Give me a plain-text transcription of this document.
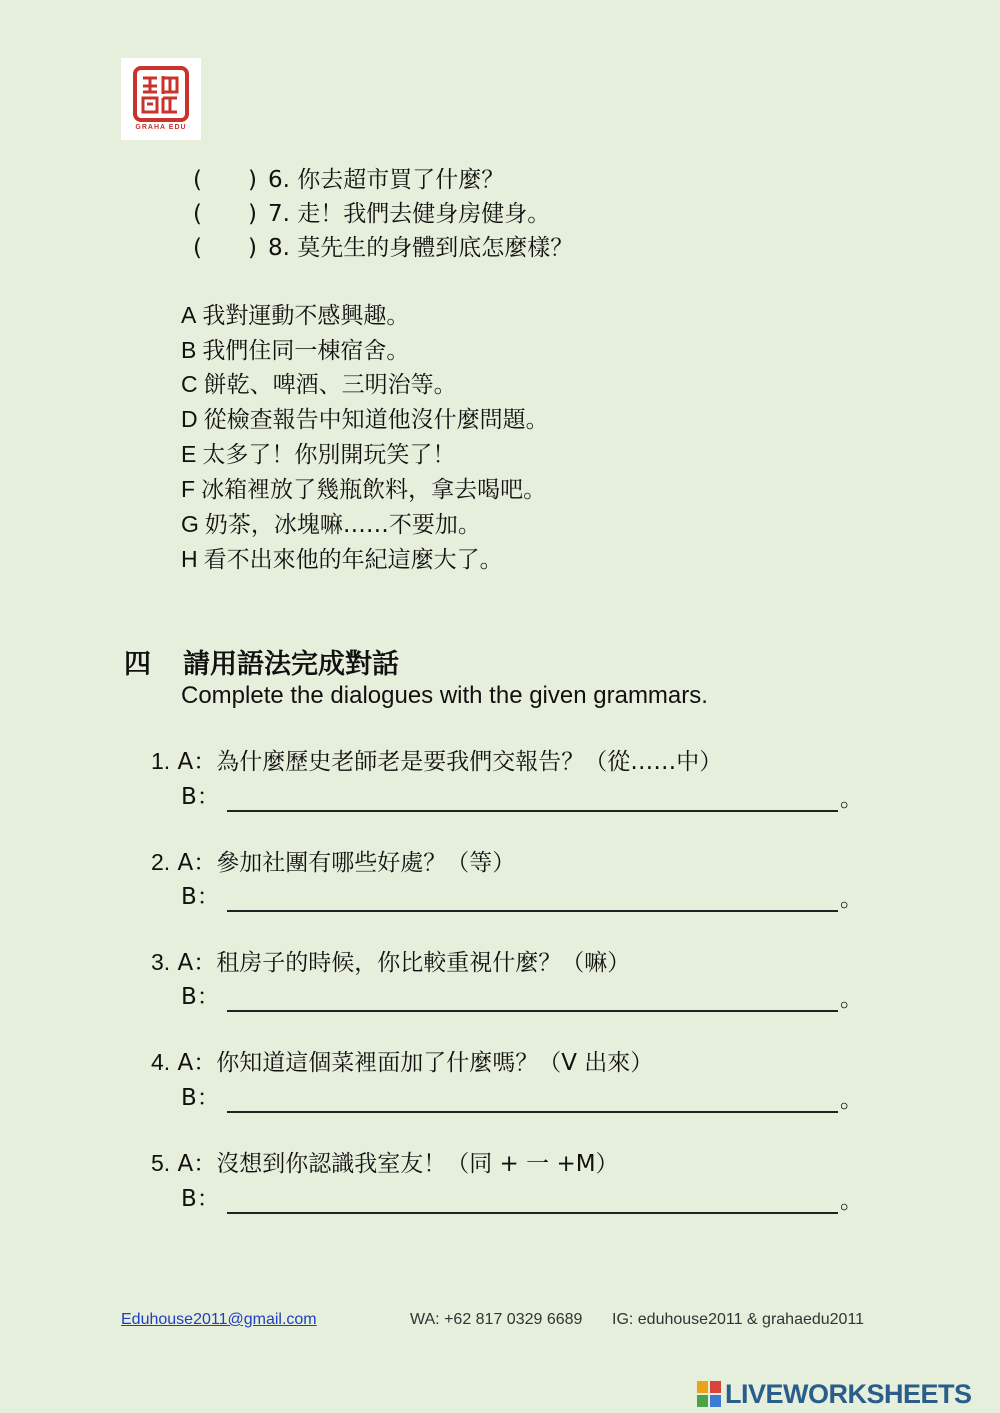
GRAHA EDU
(　　) 6. 你去超市買了什麼？
(　　) 7. 走！我們去健身房健身。
(　　) 8. 莫先生的身體到底怎麼樣？
A 我對運動不感興趣。
B 我們住同一棟宿舍。
C 餅乾、啤酒、三明治等。
D 從檢查報告中知道他沒什麼問題。
E 太多了！你別開玩笑了！
F 冰箱裡放了幾瓶飲料，拿去喝吧。
G 奶茶，冰塊嘛……不要加。
H 看不出來他的年紀這麼大了。
四 請用語法完成對話
Complete the dialogues with the given grammars.
1. A：為什麼歷史老師老是要我們交報告？（從……中）
B：	。
2. A：參加社團有哪些好處？（等）
B：	。
3. A：租房子的時候，你比較重視什麼？（嘛）
B：	。
4. A：你知道這個菜裡面加了什麼嗎？（V 出來）
B：	。
5. A：沒想到你認識我室友！（同 + 一 +M）
B：	。
Eduhouse2011@gmail.com	WA: +62 817 0329 6689 IG: eduhouse2011 & grahaedu2011
LIVEWORKSHEETS
